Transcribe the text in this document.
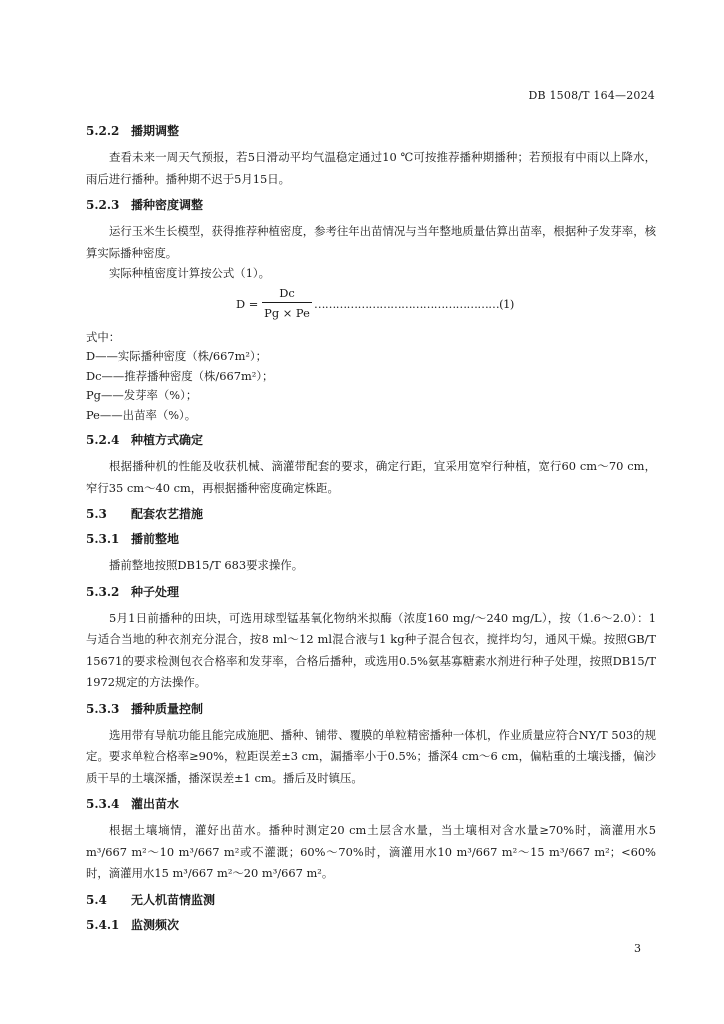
DB 1508/T 164—2024
5.2.2 播期调整

查看未来一周天气预报，若5日滑动平均气温稳定通过10 ℃可按推荐播种期播种；若预报有中雨以上降水，雨后进行播种。播种期不迟于5月15日。

5.2.3 播种密度调整

运行玉米生长模型，获得推荐种植密度，参考往年出苗情况与当年整地质量估算出苗率，根据种子发芽率，核算实际播种密度。

实际种植密度计算按公式（1）。
D =
Dc
Pg × Pe
……………………………………………(1)
式中：
D——实际播种密度（株/667m²）；
Dc——推荐播种密度（株/667m²）；
Pg——发芽率（%）；
Pe——出苗率（%）。
5.2.4 种植方式确定

根据播种机的性能及收获机械、滴灌带配套的要求，确定行距，宜采用宽窄行种植，宽行60 cm～70 cm，窄行35 cm～40 cm，再根据播种密度确定株距。

5.3 配套农艺措施
5.3.1 播前整地

播前整地按照DB15/T 683要求操作。

5.3.2 种子处理

5月1日前播种的田块，可选用球型锰基氧化物纳米拟酶（浓度160 mg/～240 mg/L），按（1.6～2.0）：1与适合当地的种衣剂充分混合，按8 ml～12 ml混合液与1 kg种子混合包衣，搅拌均匀，通风干燥。按照GB/T 15671的要求检测包衣合格率和发芽率，合格后播种，或选用0.5%氨基寡糖素水剂进行种子处理，按照DB15/T 1972规定的方法操作。

5.3.3 播种质量控制

选用带有导航功能且能完成施肥、播种、铺带、覆膜的单粒精密播种一体机，作业质量应符合NY/T 503的规定。要求单粒合格率≥90%，粒距误差±3 cm，漏播率小于0.5%；播深4 cm～6 cm，偏粘重的土壤浅播，偏沙质干旱的土壤深播，播深误差±1 cm。播后及时镇压。

5.3.4 灌出苗水

根据土壤墒情，灌好出苗水。播种时测定20 cm土层含水量，当土壤相对含水量≥70%时，滴灌用水5 m³/667 m²～10 m³/667 m²或不灌溉；60%～70%时，滴灌用水10 m³/667 m²～15 m³/667 m²；<60%时，滴灌用水15 m³/667 m²～20 m³/667 m²。

5.4 无人机苗情监测
5.4.1 监测频次
3
